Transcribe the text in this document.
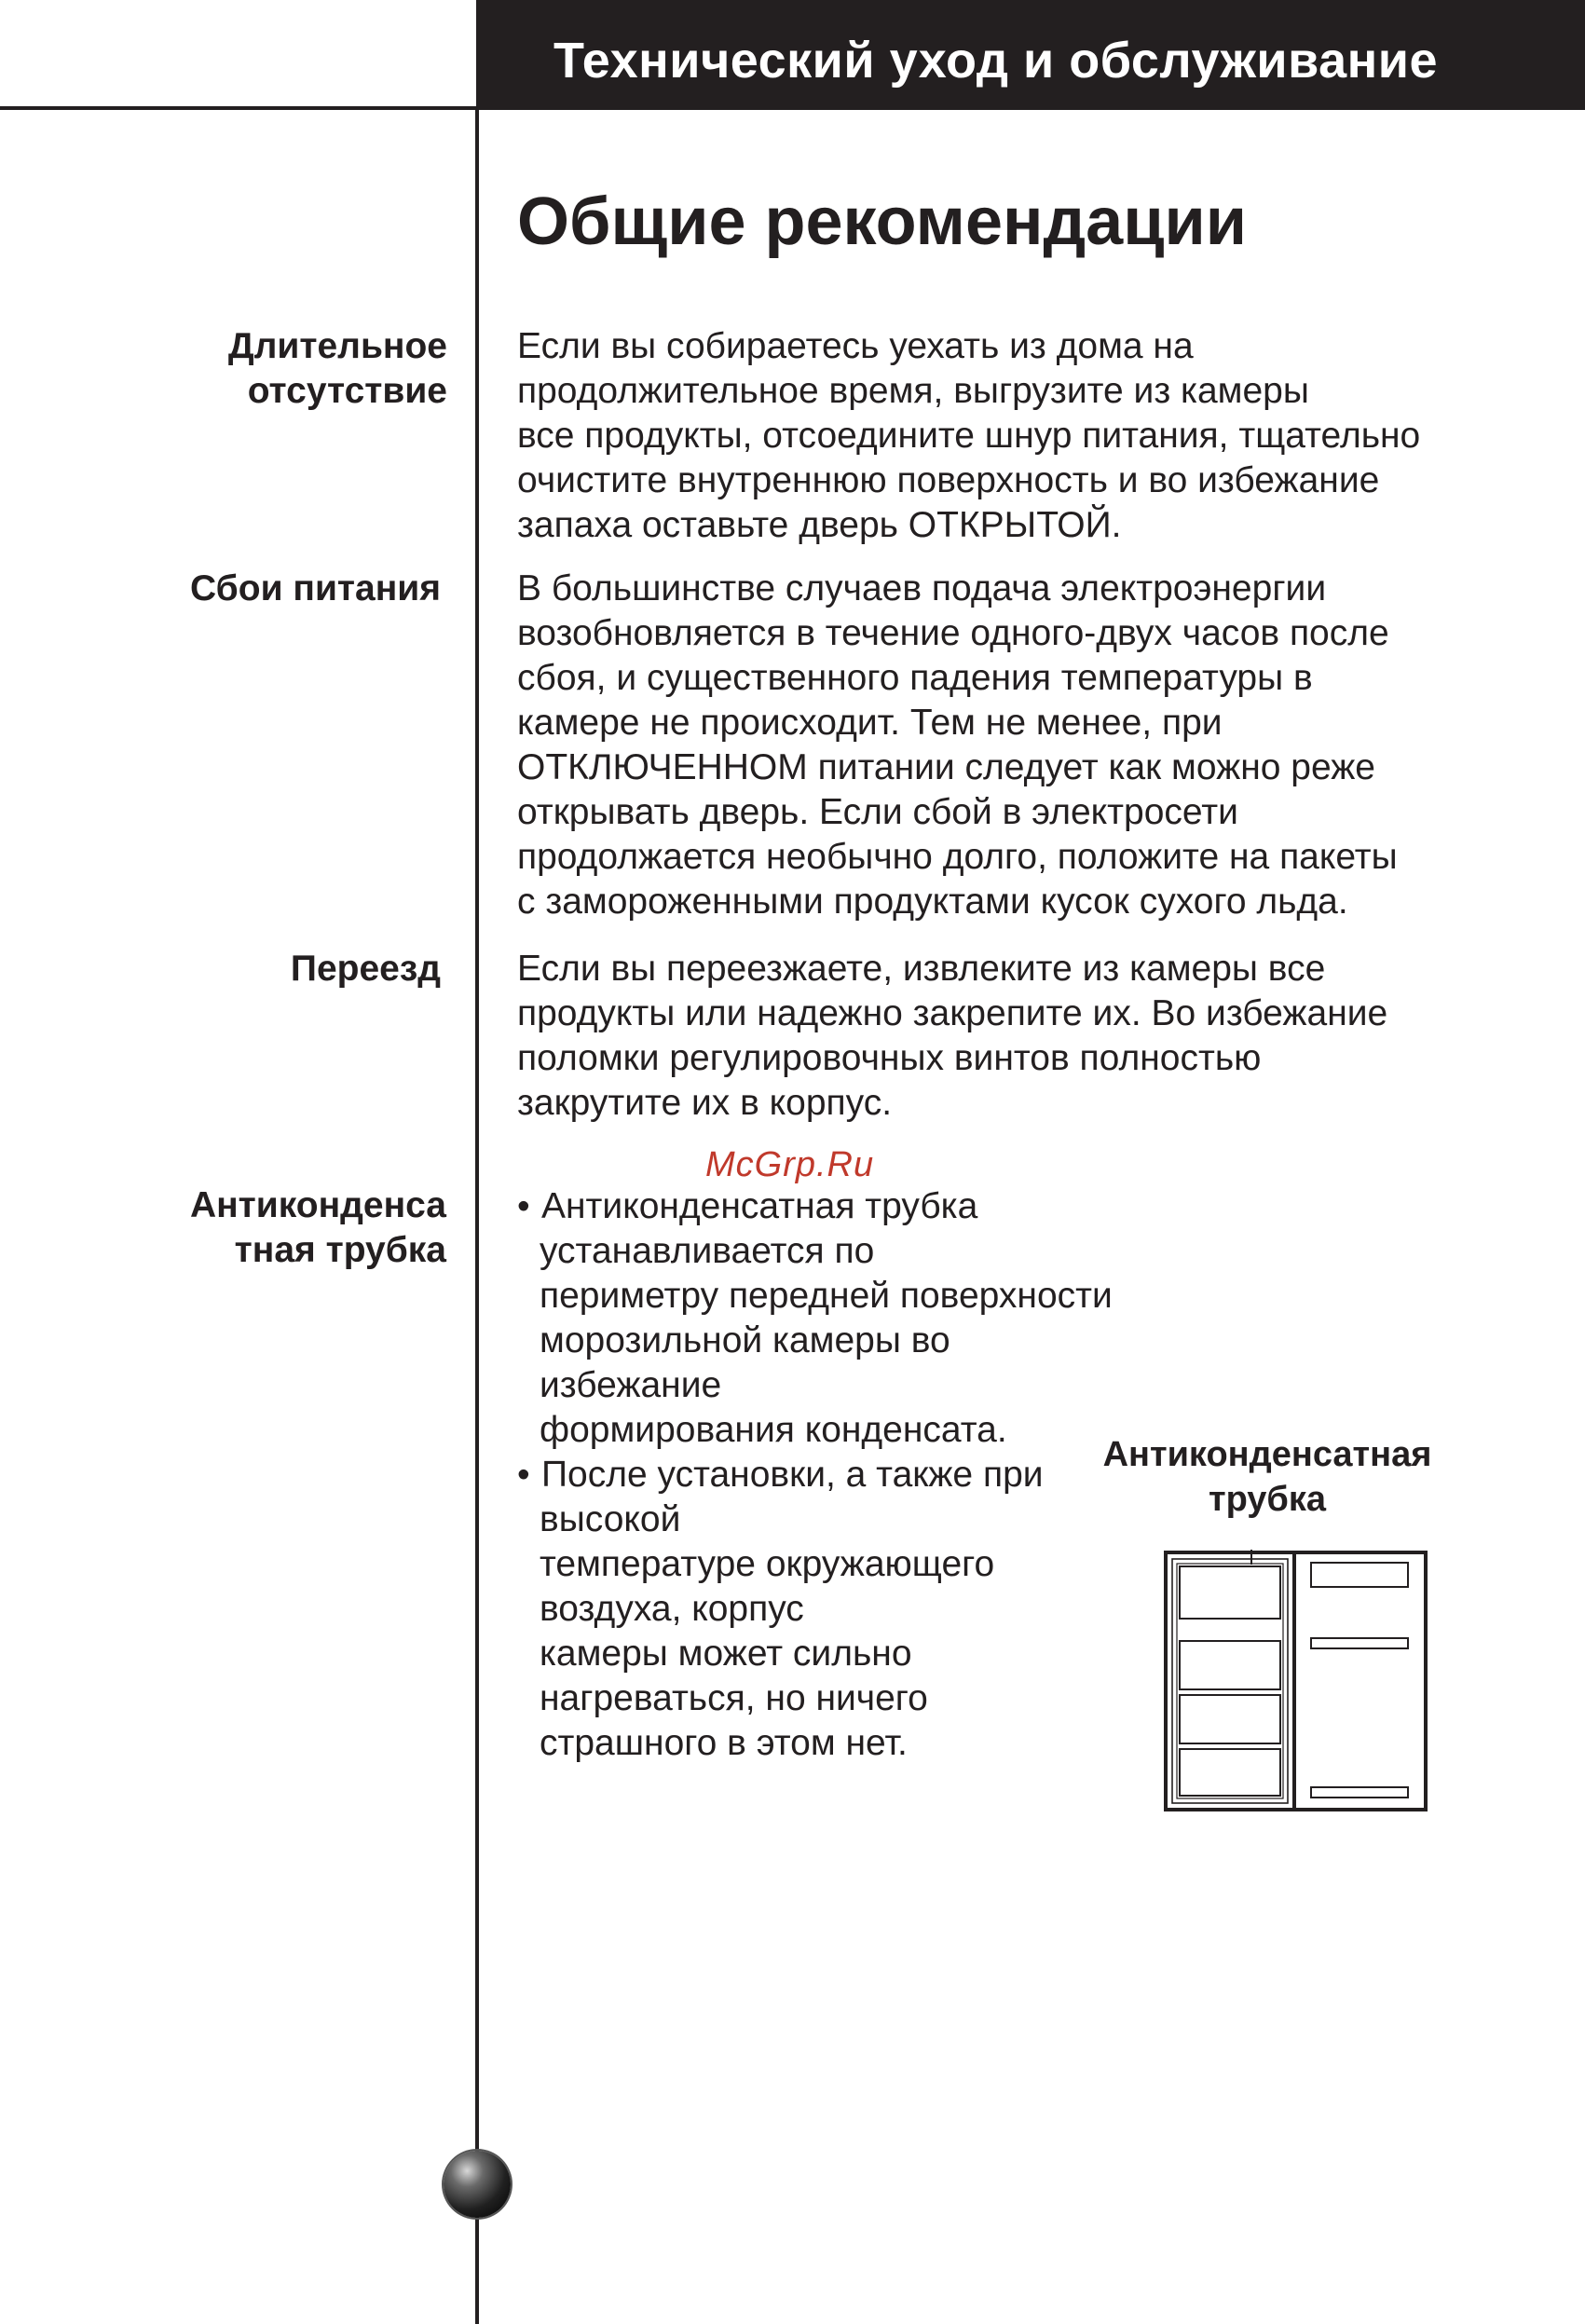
Технический уход и обслуживание
Общие рекомендации
Длительное
отсутствие
Если вы собираетесь уехать из дома на
продолжительное время, выгрузите из камеры
все продукты, отсоедините шнур питания, тщательно
очистите внутреннюю поверхность и во избежание
запаха оставьте дверь ОТКРЫТОЙ.
Сбои питания В большинстве случаев подача электроэнергии
возобновляется в течение одного-двух часов после
сбоя, и существенного падения температуры в
камере не происходит. Тем не менее, при
ОТКЛЮЧЕННОМ питании следует как можно реже
открывать дверь. Если сбой в электросети
продолжается необычно долго, положите на пакеты
с замороженными продуктами кусок сухого льда.
Переезд Если вы переезжаете, извлеките из камеры все
продукты или надежно закрепите их. Во избежание
поломки регулировочных винтов полностью
закрутите их в корпус.
McGrp.Ru
Антиконденса
тная трубка
• Антиконденсатная трубка
устанавливается по
периметру передней поверхности
морозильной камеры во
избежание
формирования конденсата.
• После установки, а также при
высокой
температуре окружающего
воздуха, корпус
камеры может сильно
нагреваться, но ничего
страшного в этом нет.
Антиконденсатная
трубка
